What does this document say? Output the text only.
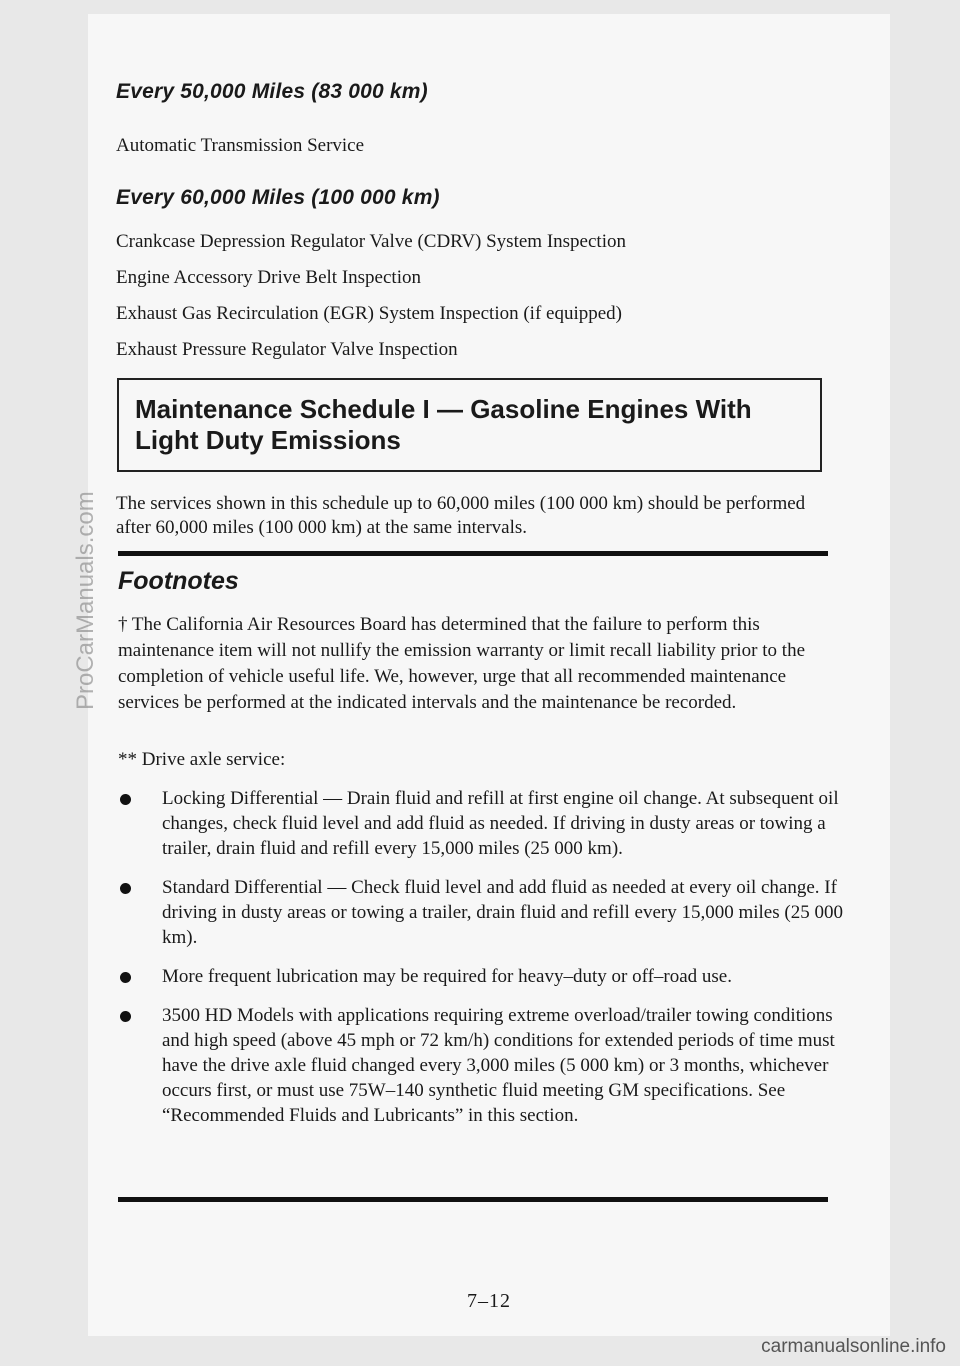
Every 50,000 Miles (83 000 km)
Automatic Transmission Service
Every 60,000 Miles (100 000 km)
Crankcase Depression Regulator Valve (CDRV) System Inspection
Engine Accessory Drive Belt Inspection
Exhaust Gas Recirculation (EGR) System Inspection (if equipped)
Exhaust Pressure Regulator Valve Inspection
Maintenance Schedule I — Gasoline Engines With
Light Duty Emissions
The services shown in this schedule up to 60,000 miles (100 000 km) should be performed after 60,000 miles (100 000 km) at the same intervals.
Footnotes
† The California Air Resources Board has determined that the failure to perform this maintenance item will not nullify the emission warranty or limit recall liability prior to the completion of vehicle useful life. We, however, urge that all recommended maintenance services be performed at the indicated intervals and the maintenance be recorded.
** Drive axle service:
Locking Differential — Drain fluid and refill at first engine oil change. At subsequent oil changes, check fluid level and add fluid as needed. If driving in dusty areas or towing a trailer, drain fluid and refill every 15,000 miles (25 000 km).
Standard Differential — Check fluid level and add fluid as needed at every oil change. If driving in dusty areas or towing a trailer, drain fluid and refill every 15,000 miles (25 000 km).
More frequent lubrication may be required for heavy–duty or off–road use.
3500 HD Models with applications requiring extreme overload/trailer towing conditions and high speed (above 45 mph or 72 km/h) conditions for extended periods of time must have the drive axle fluid changed every 3,000 miles (5 000 km) or 3 months, whichever occurs first, or must use 75W–140 synthetic fluid meeting GM specifications. See “Recommended Fluids and Lubricants” in this section.
7–12
ProCarManuals.com
carmanualsonline.info
